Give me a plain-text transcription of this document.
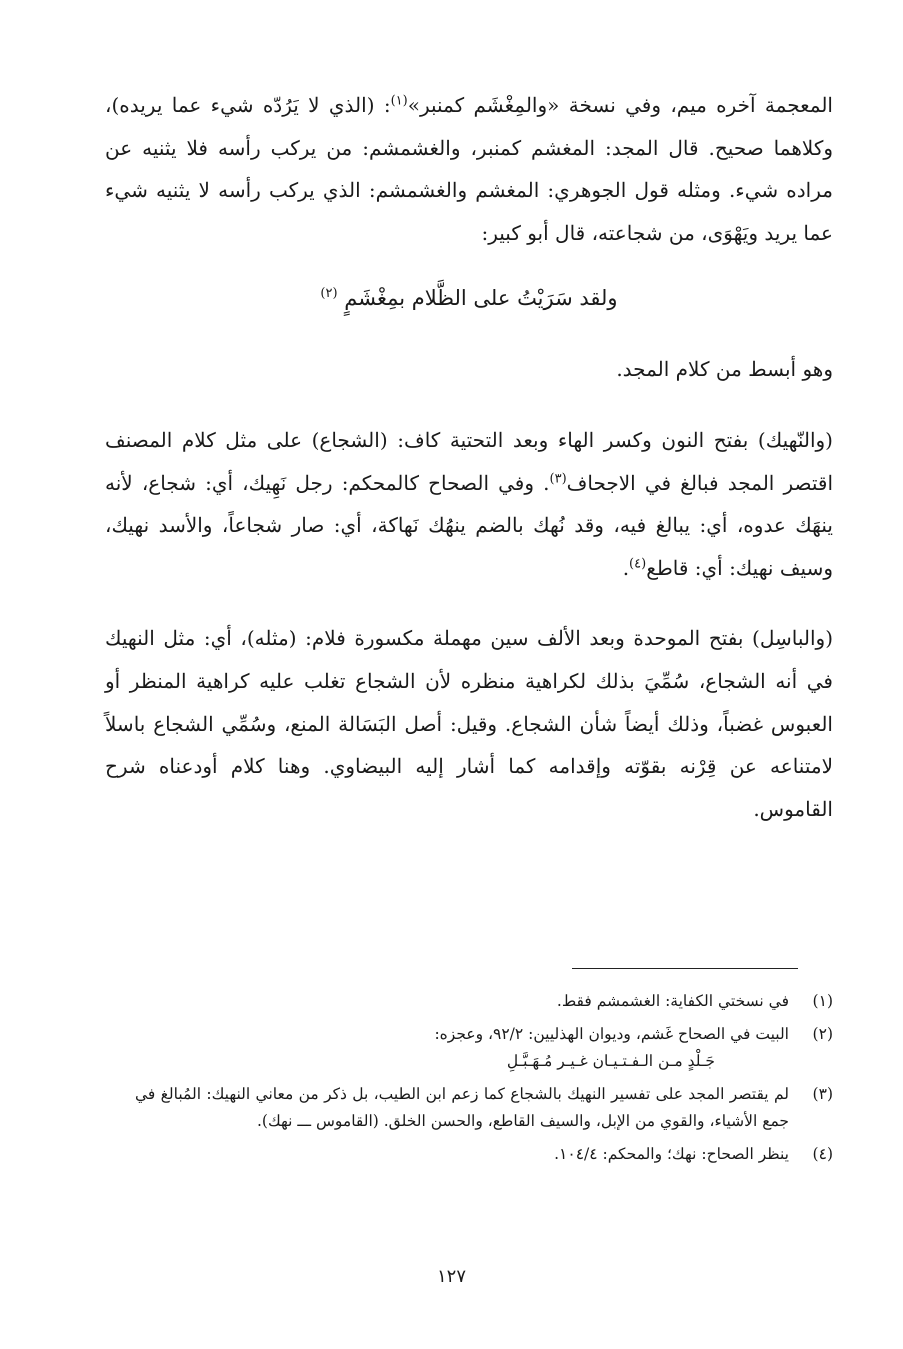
المعجمة آخره ميم، وفي نسخة «والمِغْشَم كمنبر»$^{(١)}$: (الذي لا يَرُدّه شيء عما يريده)، وكلاهما صحيح. قال المجد: المغشم كمنبر، والغشمشم: من يركب رأسه فلا يثنيه عن مراده شيء. ومثله قول الجوهري: المغشم والغشمشم: الذي يركب رأسه لا يثنيه شيء عما يريد ويَهْوَى، من شجاعته، قال أبو كبير:

ولقد سَرَيْتُ على الظَّلام بمِغْشَمٍ $^{(٢)}$

وهو أبسط من كلام المجد.

(والنّهيك) بفتح النون وكسر الهاء وبعد التحتية كاف: (الشجاع) على مثل كلام المصنف اقتصر المجد فبالغ في الاجحاف$^{(٣)}$. وفي الصحاح كالمحكم: رجل نَهِيك، أي: شجاع، لأنه ينهَك عدوه، أي: يبالغ فيه، وقد نُهك بالضم ينهُك نَهاكة، أي: صار شجاعاً، والأسد نهيك، وسيف نهيك: أي: قاطع$^{(٤)}$.

(والباسِل) بفتح الموحدة وبعد الألف سين مهملة مكسورة فلام: (مثله)، أي: مثل النهيك في أنه الشجاع، سُمِّيَ بذلك لكراهية منظره لأن الشجاع تغلب عليه كراهية المنظر أو العبوس غضباً، وذلك أيضاً شأن الشجاع. وقيل: أصل البَسَالة المنع، وسُمِّي الشجاع باسلاً لامتناعه عن قِرْنه بقوّته وإقدامه كما أشار إليه البيضاوي. وهنا كلام أودعناه شرح القاموس.

(١)
في نسختي الكفاية: الغشمشم فقط.
(٢)
البيت في الصحاح غَشم، وديوان الهذليين: ٩٢/٢، وعجزه:
جَـلْدٍ مـن الـفـتـيـان غـيـر مُـهَـبَّـلِ
(٣)
لم يقتصر المجد على تفسير النهيك بالشجاع كما زعم ابن الطيب، بل ذكر من معاني النهيك: المُبالغ في جمع الأشياء، والقوي من الإبل، والسيف القاطع، والحسن الخلق. (القاموس ـــ نهك).
(٤)
ينظر الصحاح: نهك؛ والمحكم: ١٠٤/٤.
١٢٧
